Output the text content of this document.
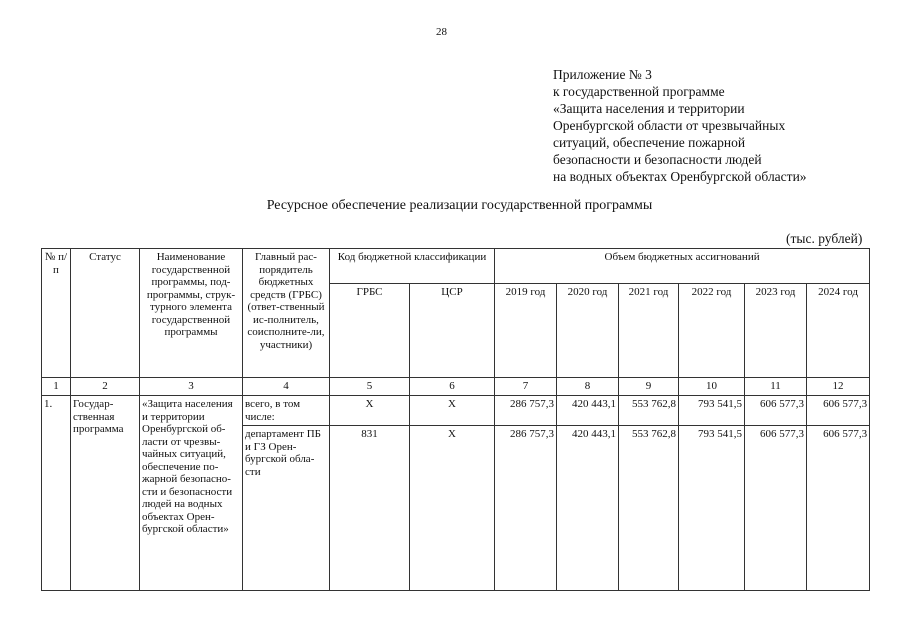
28
Приложение № 3
к государственной программе
«Защита населения и территории
Оренбургской области от чрезвычайных
ситуаций, обеспечение пожарной
безопасности и безопасности людей
на водных объектах Оренбургской области»
Ресурсное обеспечение реализации государственной программы
(тыс. рублей)
№ п/п	Статус	Наименование государственной программы, под-программы, струк-турного элемента государственной программы	Главный рас-порядитель бюджетных средств (ГРБС) (ответ-ственный ис-полнитель, соисполните-ли, участники)	Код бюджетной классификации		Объем бюджетных ассигнований					
				ГРБС	ЦСР	2019 год	2020 год	2021 год	2022 год	2023 год	2024 год
1	2	3	4	5	6	7	8	9	10	11	12
1.	Государ-ственная программа	«Защита населения и территории Оренбургской об-ласти от чрезвы-чайных ситуаций, обеспечение по-жарной безопасно-сти и безопасности людей на водных объектах Орен-бургской области»	всего, в том числе:	X	X	286 757,3	420 443,1	553 762,8	793 541,5	606 577,3	606 577,3
			департамент ПБ и ГЗ Орен-бургской обла-сти	831	X	286 757,3	420 443,1	553 762,8	793 541,5	606 577,3	606 577,3
